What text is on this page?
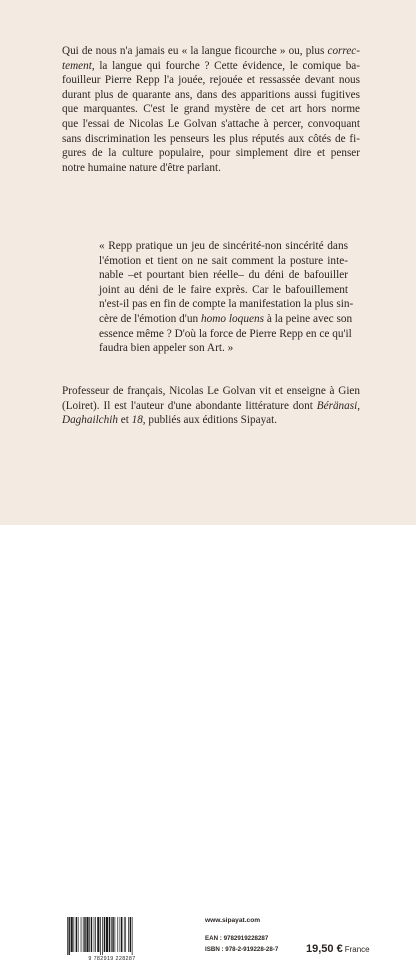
Qui de nous n'a jamais eu « la langue ficourche » ou, plus correc-
tement, la langue qui fourche ? Cette évidence, le comique ba-
fouilleur Pierre Repp l'a jouée, rejouée et ressassée devant nous
durant plus de quarante ans, dans des apparitions aussi fugitives
que marquantes. C'est le grand mystère de cet art hors norme
que l'essai de Nicolas Le Golvan s'attache à percer, convoquant
sans discrimination les penseurs les plus réputés aux côtés de fi-
gures de la culture populaire, pour simplement dire et penser
notre humaine nature d'être parlant.
« Repp pratique un jeu de sincérité-non sincérité dans
l'émotion et tient on ne sait comment la posture inte-
nable –et pourtant bien réelle– du déni de bafouiller
joint au déni de le faire exprès. Car le bafouillement
n'est-il pas en fin de compte la manifestation la plus sin-
cère de l'émotion d'un homo loquens à la peine avec son
essence même ? D'où la force de Pierre Repp en ce qu'il
faudra bien appeler son Art. »
Professeur de français, Nicolas Le Golvan vit et enseigne à Gien
(Loiret). Il est l'auteur d'une abondante littérature dont Béränasi,
Daghailchih et 18, publiés aux éditions Sipayat.
9 782919 228287
www.sipayat.com
EAN : 9782919228287
ISBN : 978-2-919228-28-7	19,50 € France
